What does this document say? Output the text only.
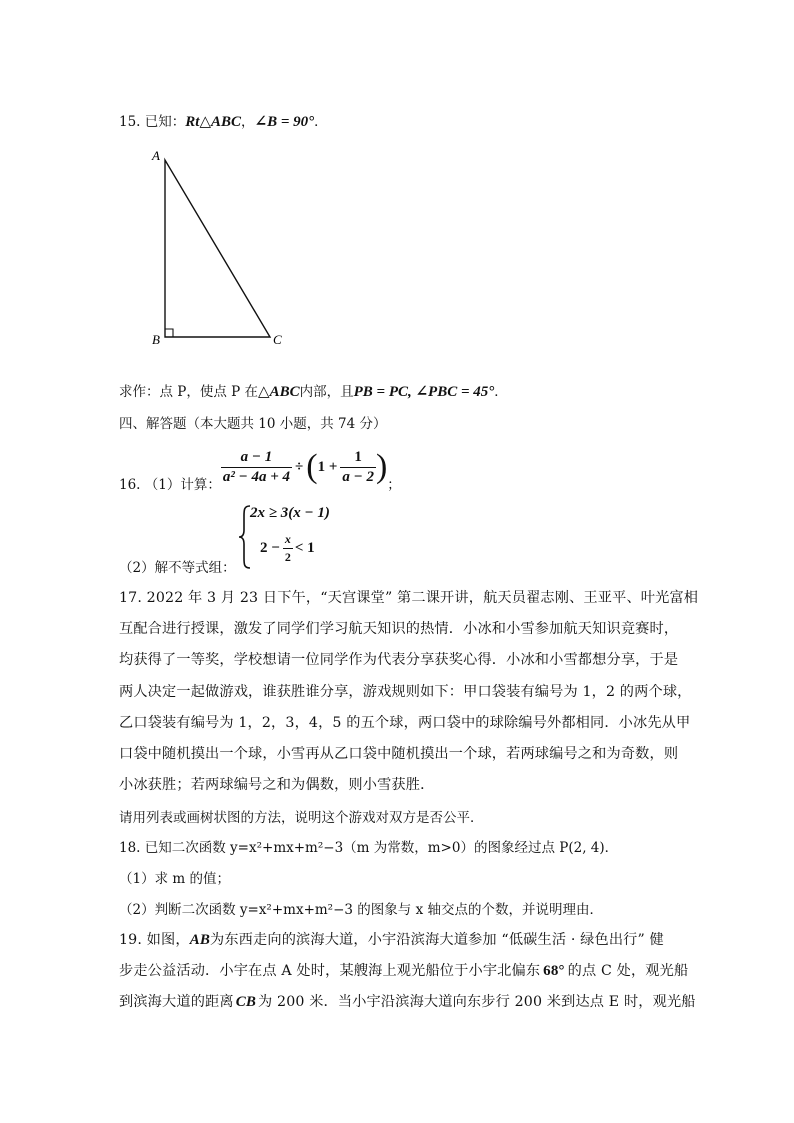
15. 已知：Rt△ABC，∠B = 90°．
A
B	C
求作：点 P，使点 P 在△ABC内部，且PB = PC, ∠PBC = 45°．
四、解答题（本大题共 10 小题，共 74 分）
16. （1）计算： $\frac{a - 1}{\text{a² − 4a + 4}}$ ÷ ( $1 + \frac{1}{a - 2}$ ) ；
（2）解不等式组：
2x ≥ 3(x − 1)
$2 - \frac{x}{2} < 1$
17. 2022 年 3 月 23 日下午，“天宫课堂” 第二课开讲，航天员翟志刚、王亚平、叶光富相
互配合进行授课，激发了同学们学习航天知识的热情．小冰和小雪参加航天知识竞赛时，
均获得了一等奖，学校想请一位同学作为代表分享获奖心得．小冰和小雪都想分享，于是
两人决定一起做游戏，谁获胜谁分享，游戏规则如下：甲口袋装有编号为 1，2 的两个球，
乙口袋装有编号为 1，2，3，4，5 的五个球，两口袋中的球除编号外都相同．小冰先从甲
口袋中随机摸出一个球，小雪再从乙口袋中随机摸出一个球，若两球编号之和为奇数，则
小冰获胜；若两球编号之和为偶数，则小雪获胜．
请用列表或画树状图的方法，说明这个游戏对双方是否公平．
18. 已知二次函数 y=x²+mx+m²−3（m 为常数，m>0）的图象经过点 P(2, 4)．
（1）求 m 的值；
（2）判断二次函数 y=x²+mx+m²−3 的图象与 x 轴交点的个数，并说明理由．
19. 如图，AB为东西走向的滨海大道，小宇沿滨海大道参加 “低碳生活 · 绿色出行” 健
步走公益活动．小宇在点 A 处时，某艘海上观光船位于小宇北偏东 68° 的点 C 处，观光船
到滨海大道的距离 CB 为 200 米．当小宇沿滨海大道向东步行 200 米到达点 E 时，观光船
